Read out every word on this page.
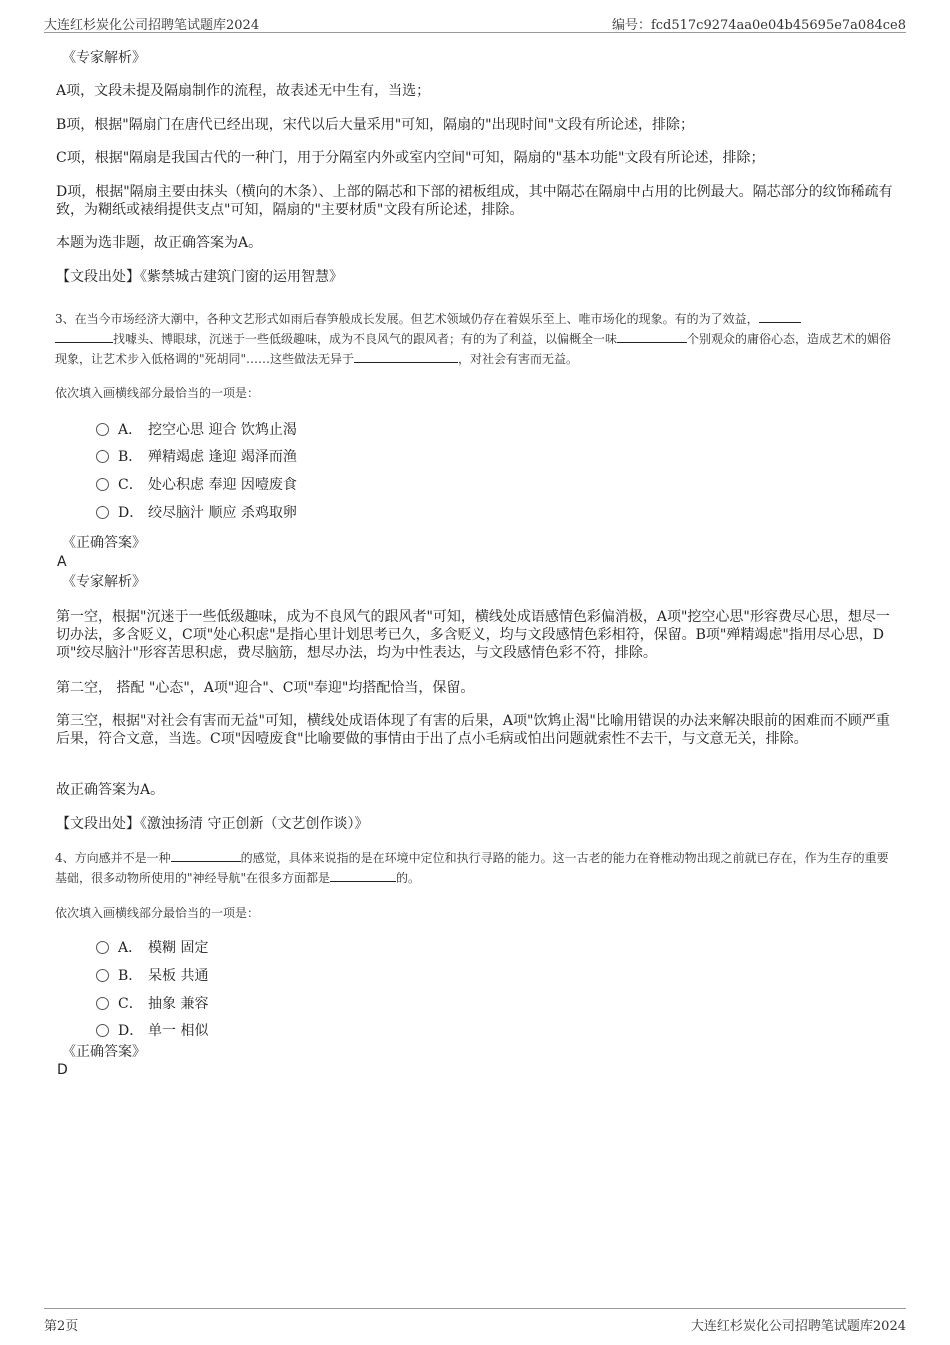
大连红杉炭化公司招聘笔试题库2024	编号：fcd517c9274aa0e04b45695e7a084ce8
《专家解析》
A项，文段未提及隔扇制作的流程，故表述无中生有，当选；
B项，根据"隔扇门在唐代已经出现，宋代以后大量采用"可知，隔扇的"出现时间"文段有所论述，排除；
C项，根据"隔扇是我国古代的一种门，用于分隔室内外或室内空间"可知，隔扇的"基本功能"文段有所论述，排除；
D项，根据"隔扇主要由抹头（横向的木条）、上部的隔芯和下部的裙板组成，其中隔芯在隔扇中占用的比例最大。隔芯部分的纹饰稀疏有致，为糊纸或裱绢提供支点"可知，隔扇的"主要材质"文段有所论述，排除。
本题为选非题，故正确答案为A。
【文段出处】《紫禁城古建筑门窗的运用智慧》
3、在当今市场经济大潮中，各种文艺形式如雨后春笋般成长发展。但艺术领域仍存在着娱乐至上、唯市场化的现象。有的为了效益，
找噱头、博眼球，沉迷于一些低级趣味，成为不良风气的跟风者；有的为了利益，以偏概全一味	个别观众的庸俗心态，造成艺术的媚俗现象，让艺术步入低格调的"死胡同"……这些做法无异于	，对社会有害而无益。
依次填入画横线部分最恰当的一项是：
A． 挖空心思 迎合 饮鸩止渴
B． 殚精竭虑 逢迎 竭泽而渔
C． 处心积虑 奉迎 因噎废食
D． 绞尽脑汁 顺应 杀鸡取卵
《正确答案》
A
《专家解析》
第一空，根据"沉迷于一些低级趣味，成为不良风气的跟风者"可知，横线处成语感情色彩偏消极，A项"挖空心思"形容费尽心思，想尽一切办法，多含贬义，C项"处心积虑"是指心里计划思考已久，多含贬义，均与文段感情色彩相符，保留。B项"殚精竭虑"指用尽心思，D项"绞尽脑汁"形容苦思积虑，费尽脑筋，想尽办法，均为中性表达，与文段感情色彩不符，排除。
第二空， 搭配 "心态"，A项"迎合"、C项"奉迎"均搭配恰当，保留。
第三空，根据"对社会有害而无益"可知，横线处成语体现了有害的后果，A项"饮鸩止渴"比喻用错误的办法来解决眼前的困难而不顾严重后果，符合文意，当选。C项"因噎废食"比喻要做的事情由于出了点小毛病或怕出问题就索性不去干，与文意无关，排除。
故正确答案为A。
【文段出处】《激浊扬清 守正创新（文艺创作谈）》
4、方向感并不是一种	的感觉，具体来说指的是在环境中定位和执行寻路的能力。这一古老的能力在脊椎动物出现之前就已存在，作为生存的重要基础，很多动物所使用的"神经导航"在很多方面都是	的。
依次填入画横线部分最恰当的一项是：
A． 模糊 固定
B． 呆板 共通
C． 抽象 兼容
D． 单一 相似
《正确答案》
D
第2页	大连红杉炭化公司招聘笔试题库2024
